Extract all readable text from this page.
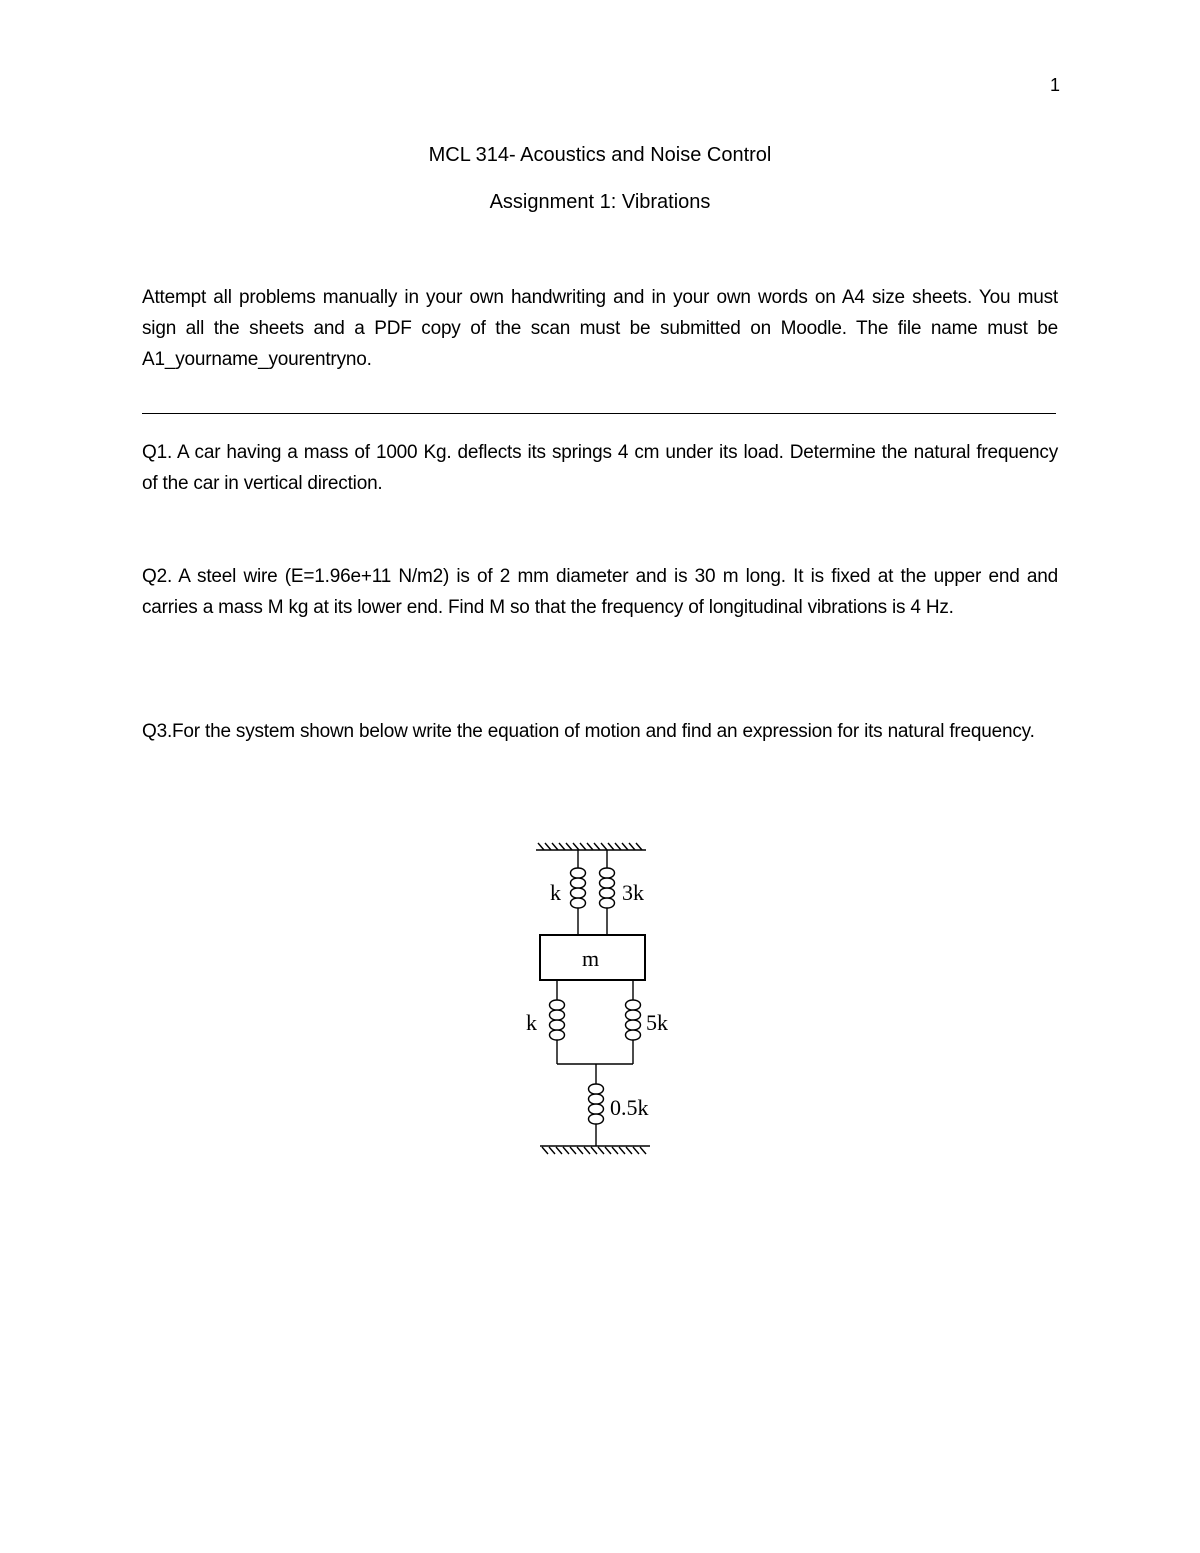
1
MCL 314- Acoustics and Noise Control
Assignment 1: Vibrations
Attempt all problems manually in your own handwriting and in your own words on A4 size sheets. You must sign all the sheets and a PDF copy of the scan must be submitted on Moodle. The file name must be A1_yourname_yourentryno.
Q1. A car having a mass of 1000 Kg. deflects its springs 4 cm under its load. Determine the natural frequency of the car in vertical direction.
Q2. A steel wire (E=1.96e+11 N/m2) is of 2 mm diameter and is 30 m long. It is fixed at the upper end and carries a mass M kg at its lower end. Find M so that the frequency of longitudinal vibrations is 4 Hz.
Q3.For the system shown below write the equation of motion and find an expression for its natural frequency.
k	3k
m
k	5k
0.5k
